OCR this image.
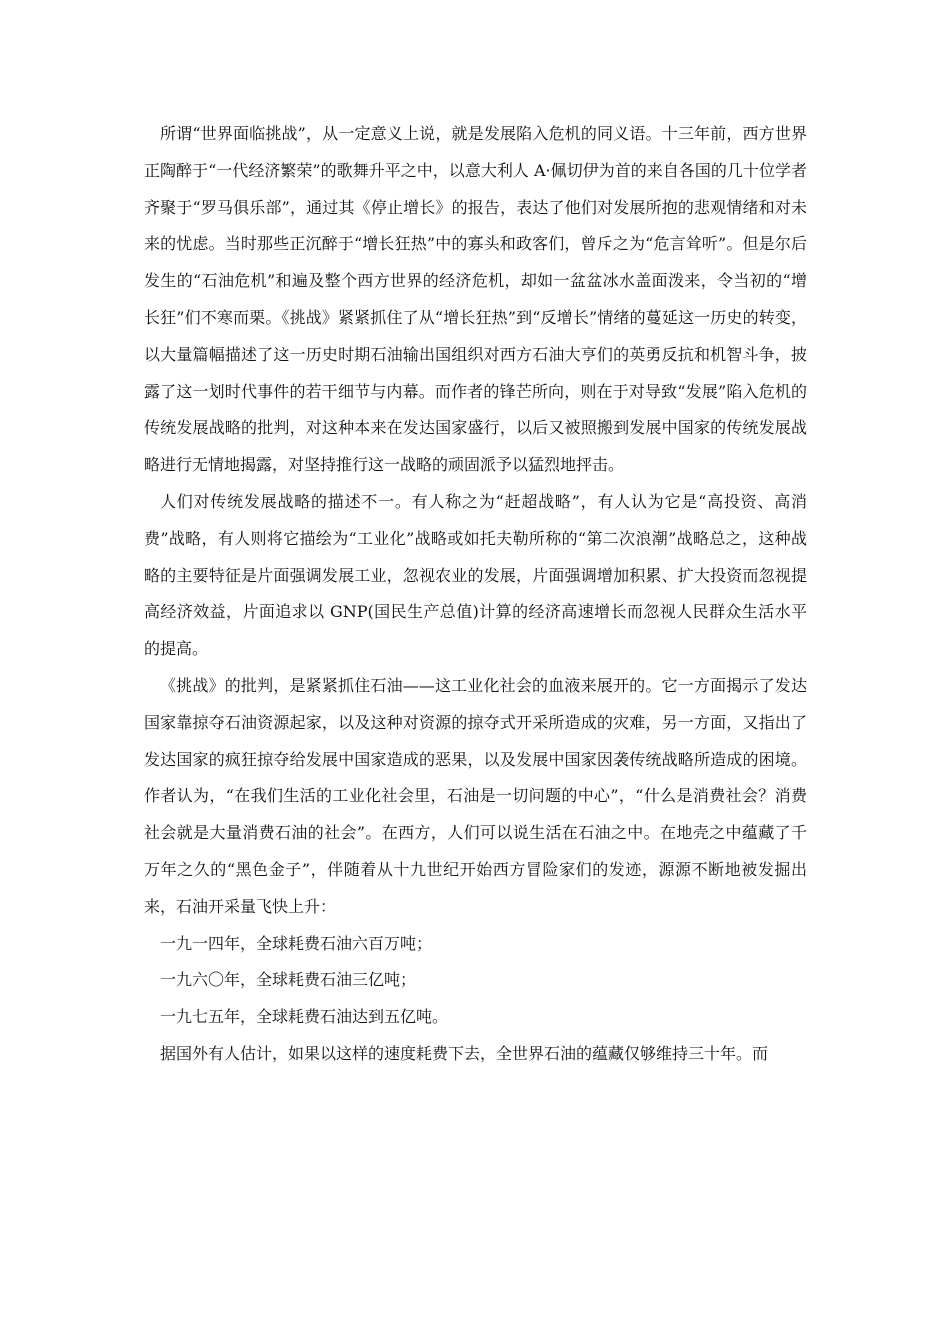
所谓“世界面临挑战”，从一定意义上说，就是发展陷入危机的同义语。十三年前，西方世界正陶醉于“一代经济繁荣”的歌舞升平之中，以意大利人 A·佩切伊为首的来自各国的几十位学者齐聚于“罗马俱乐部”，通过其《停止增长》的报告，表达了他们对发展所抱的悲观情绪和对未来的忧虑。当时那些正沉醉于“增长狂热”中的寡头和政客们，曾斥之为“危言耸听”。但是尔后发生的“石油危机”和遍及整个西方世界的经济危机，却如一盆盆冰水盖面泼来，令当初的“增长狂”们不寒而栗。《挑战》紧紧抓住了从“增长狂热”到“反增长”情绪的蔓延这一历史的转变，以大量篇幅描述了这一历史时期石油输出国组织对西方石油大亨们的英勇反抗和机智斗争，披露了这一划时代事件的若干细节与内幕。而作者的锋芒所向，则在于对导致“发展”陷入危机的传统发展战略的批判，对这种本来在发达国家盛行，以后又被照搬到发展中国家的传统发展战略进行无情地揭露，对坚持推行这一战略的顽固派予以猛烈地抨击。

人们对传统发展战略的描述不一。有人称之为“赶超战略”，有人认为它是“高投资、高消费”战略，有人则将它描绘为“工业化”战略或如托夫勒所称的“第二次浪潮”战略总之，这种战略的主要特征是片面强调发展工业，忽视农业的发展，片面强调增加积累、扩大投资而忽视提高经济效益，片面追求以 GNP(国民生产总值)计算的经济高速增长而忽视人民群众生活水平的提高。

《挑战》的批判，是紧紧抓住石油——这工业化社会的血液来展开的。它一方面揭示了发达国家靠掠夺石油资源起家，以及这种对资源的掠夺式开采所造成的灾难，另一方面，又指出了发达国家的疯狂掠夺给发展中国家造成的恶果，以及发展中国家因袭传统战略所造成的困境。作者认为，“在我们生活的工业化社会里，石油是一切问题的中心”，“什么是消费社会？消费社会就是大量消费石油的社会”。在西方，人们可以说生活在石油之中。在地壳之中蕴藏了千万年之久的“黑色金子”，伴随着从十九世纪开始西方冒险家们的发迹，源源不断地被发掘出来，石油开采量飞快上升：

一九一四年，全球耗费石油六百万吨；

一九六〇年，全球耗费石油三亿吨；

一九七五年，全球耗费石油达到五亿吨。

据国外有人估计，如果以这样的速度耗费下去，全世界石油的蕴藏仅够维持三十年。而
